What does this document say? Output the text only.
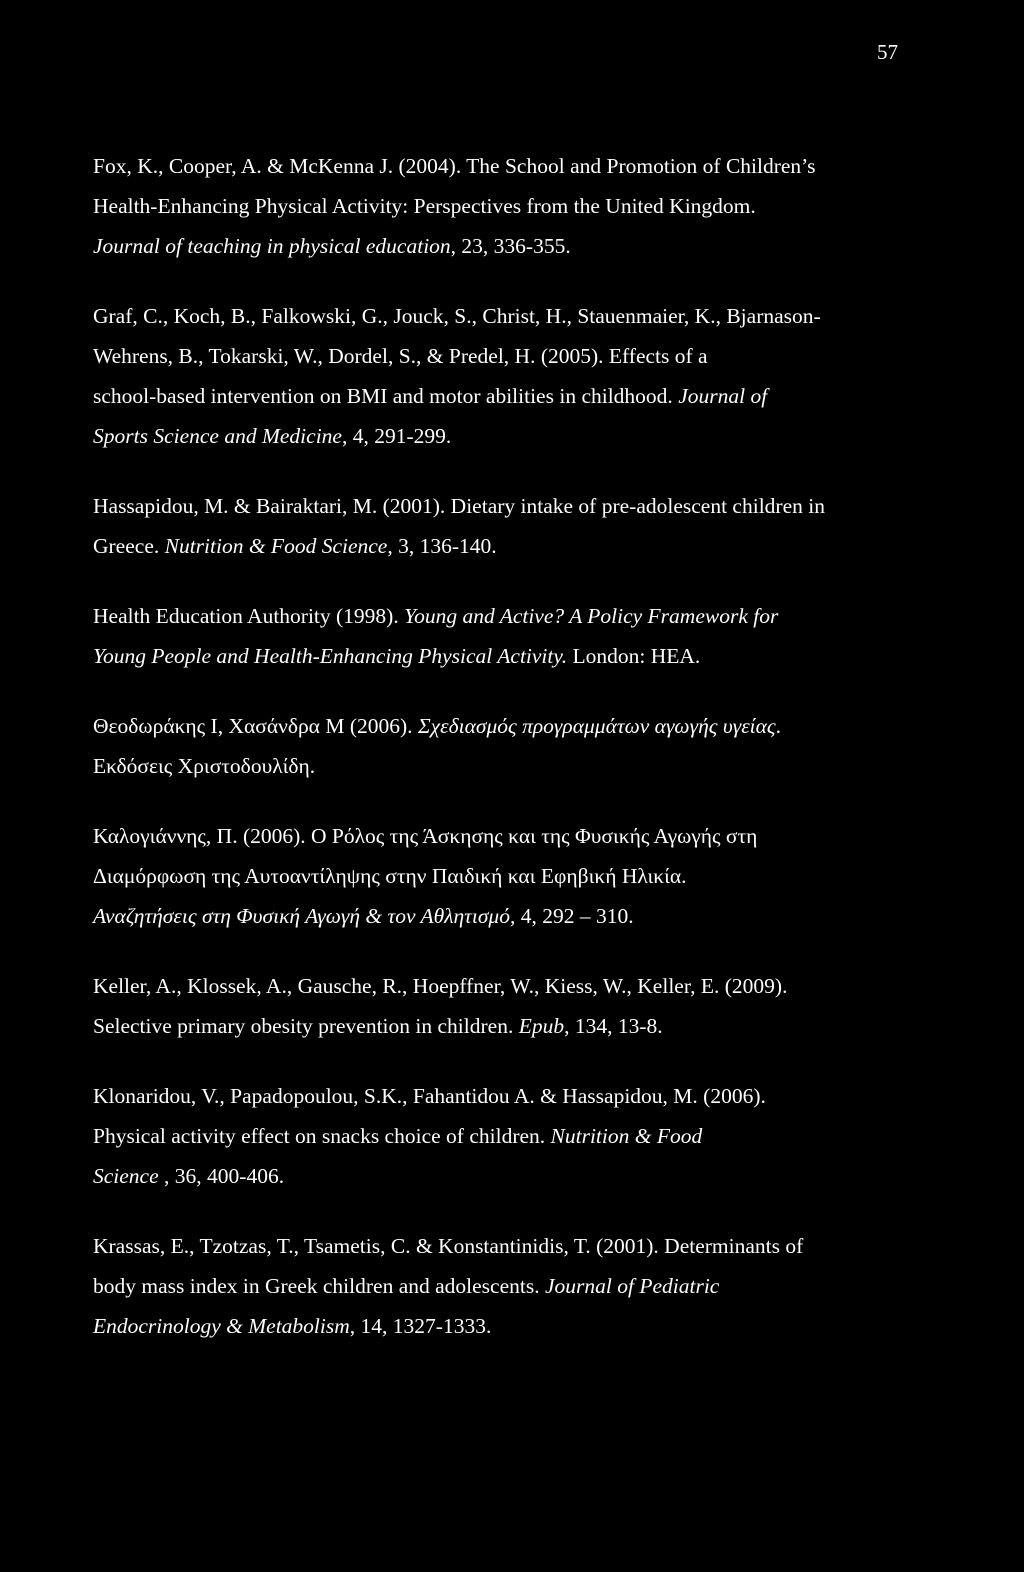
57
Fox, K., Cooper, A. & McKenna J. (2004). The School and Promotion of Children’s
Health-Enhancing Physical Activity: Perspectives from the United Kingdom.
Journal of teaching in physical education, 23, 336-355.
Graf, C., Koch, B., Falkowski, G., Jouck, S., Christ, H., Stauenmaier, K., Bjarnason-
Wehrens, B., Tokarski, W., Dordel, S., & Predel, H. (2005). Effects of a
school-based intervention on BMI and motor abilities in childhood. Journal of
Sports Science and Medicine, 4, 291-299.
Hassapidou, M. & Bairaktari, M. (2001). Dietary intake of pre-adolescent children in
Greece. Nutrition & Food Science, 3, 136-140.
Health Education Authority (1998). Young and Active? A Policy Framework for
Young People and Health-Enhancing Physical Activity. London: HEA.
Θεοδωράκης Ι, Χασάνδρα Μ (2006). Σχεδιασμός προγραμμάτων αγωγής υγείας.
Εκδόσεις Χριστοδουλίδη.
Καλογιάννης, Π. (2006). Ο Ρόλος της Άσκησης και της Φυσικής Αγωγής στη
Διαμόρφωση της Αυτοαντίληψης στην Παιδική και Εφηβική Ηλικία.
Αναζητήσεις στη Φυσική Αγωγή & τον Αθλητισμό, 4, 292 – 310.
Keller, A., Klossek, A., Gausche, R., Hoepffner, W., Kiess, W., Keller, E. (2009).
Selective primary obesity prevention in children. Epub, 134, 13-8.
Klonaridou, V., Papadopoulou, S.K., Fahantidou A. & Hassapidou, M. (2006).
Physical activity effect on snacks choice of children. Nutrition & Food
Science , 36, 400-406.
Krassas, E., Tzotzas, T., Tsametis, C. & Konstantinidis, T. (2001). Determinants of
body mass index in Greek children and adolescents. Journal of Pediatric
Endocrinology & Metabolism, 14, 1327-1333.
